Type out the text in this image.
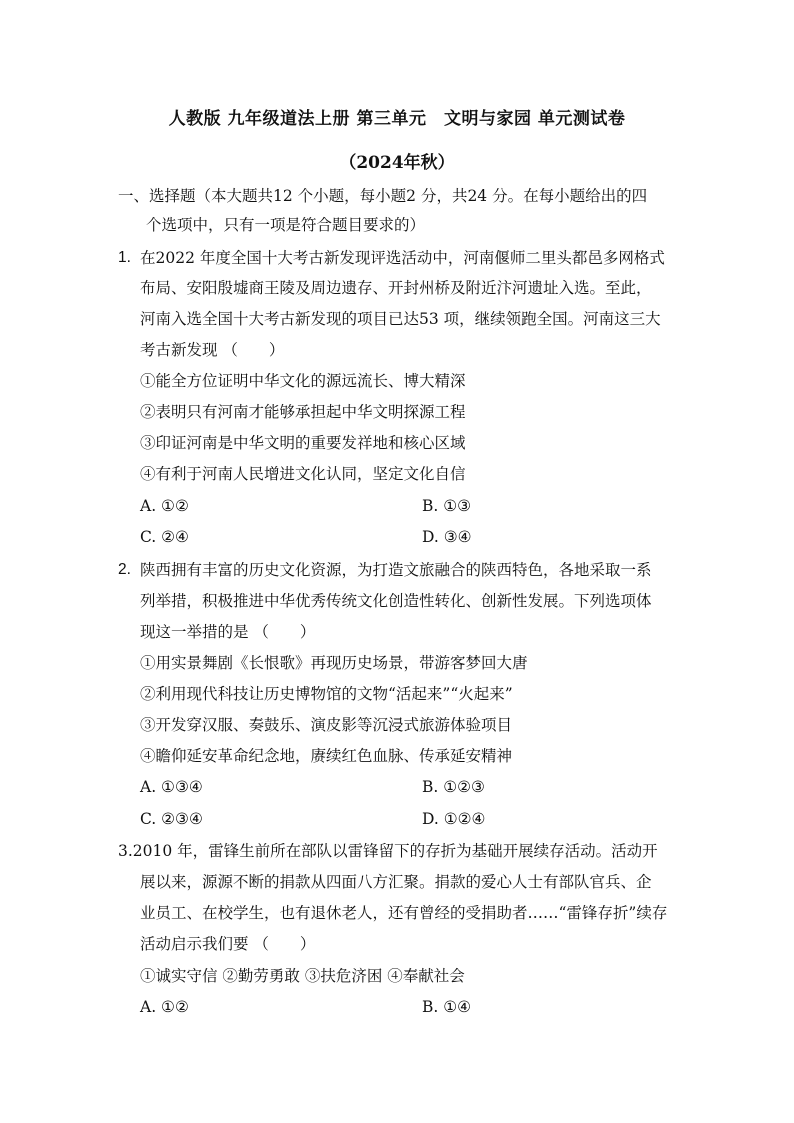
人教版 九年级道法上册 第三单元　文明与家园 单元测试卷
（2024年秋）
一、选择题（本大题共12 个小题，每小题2 分，共24 分。在每小题给出的四
个选项中，只有一项是符合题目要求的）
1. 在2022 年度全国十大考古新发现评选活动中，河南偃师二里头都邑多网格式
布局、安阳殷墟商王陵及周边遗存、开封州桥及附近汴河遗址入选。至此，
河南入选全国十大考古新发现的项目已达53 项，继续领跑全国。河南这三大
考古新发现 （　　）
①能全方位证明中华文化的源远流长、博大精深
②表明只有河南才能够承担起中华文明探源工程
③印证河南是中华文明的重要发祥地和核心区域
④有利于河南人民增进文化认同，坚定文化自信
A. ①②	B. ①③
C. ②④	D. ③④
2. 陕西拥有丰富的历史文化资源，为打造文旅融合的陕西特色，各地采取一系
列举措，积极推进中华优秀传统文化创造性转化、创新性发展。下列选项体
现这一举措的是 （　　）
①用实景舞剧《长恨歌》再现历史场景，带游客梦回大唐
②利用现代科技让历史博物馆的文物“活起来”“火起来”
③开发穿汉服、奏鼓乐、演皮影等沉浸式旅游体验项目
④瞻仰延安革命纪念地，赓续红色血脉、传承延安精神
A. ①③④	B. ①②③
C. ②③④	D. ①②④
3.2010 年，雷锋生前所在部队以雷锋留下的存折为基础开展续存活动。活动开
展以来，源源不断的捐款从四面八方汇聚。捐款的爱心人士有部队官兵、企
业员工、在校学生，也有退休老人，还有曾经的受捐助者……“雷锋存折”续存
活动启示我们要 （　　）
①诚实守信 ②勤劳勇敢 ③扶危济困 ④奉献社会
A. ①②	B. ①④
